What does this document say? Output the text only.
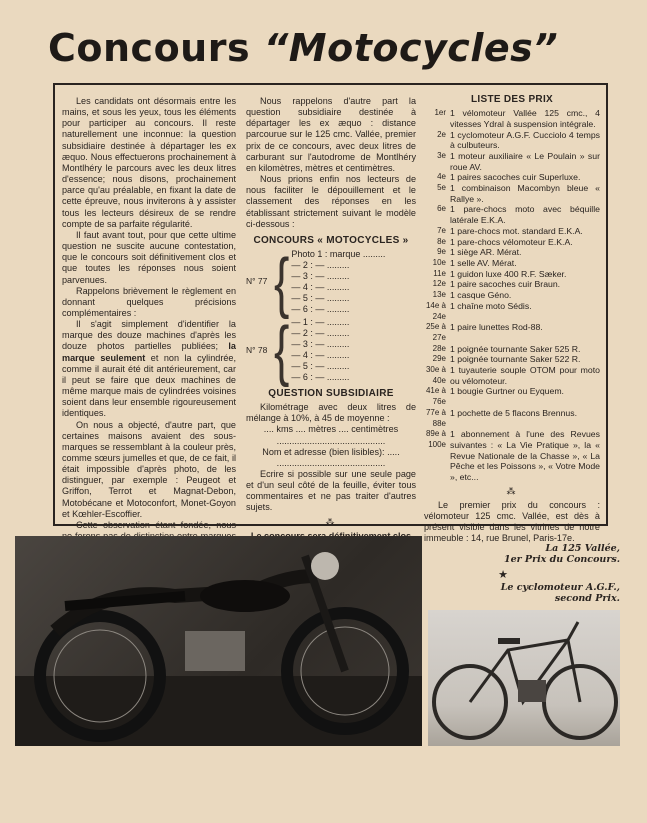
Concours “Motocycles”

Les candidats ont désormais entre les mains, et sous les yeux, tous les éléments pour participer au concours. Il reste naturellement une inconnue: la question subsidiaire destinée à départager les ex æquo. Nous effectuerons prochainement à Montlhéry le parcours avec les deux litres d'essence; nous disons, prochainement parce qu'au préalable, en fixant la date de cette épreuve, nous inviterons à y assister tous les lecteurs désireux de se rendre compte de sa parfaite régularité.

Il faut avant tout, pour que cette ultime question ne suscite aucune contestation, que le concours soit définitivement clos et que toutes les réponses nous soient parvenues.

Rappelons brièvement le règlement en donnant quelques précisions complémentaires :

Il s'agit simplement d'identifier la marque des douze machines d'après les douze photos partielles publiées; la marque seulement et non la cylindrée, comme il aurait été dit antérieurement, car il peut se faire que deux machines de même marque mais de cylindrées voisines soient dans leur ensemble rigoureusement identiques.

On nous a objecté, d'autre part, que certaines maisons avaient des sous-marques se ressemblant à la couleur près, comme sœurs jumelles et que, de ce fait, il était impossible d'après photo, de les distinguer, par exemple : Peugeot et Griffon, Terrot et Magnat-Debon, Motobécane et Motoconfort, Monet-Goyon et Kœhler-Escoffier.

Cette observation étant fondée, nous

Nous rappelons d'autre part la question subsidiaire destinée à départager les ex æquo : distance parcourue sur le 125 cmc. Vallée, premier prix de ce concours, avec deux litres de carburant sur l'autodrome de Montlhéry en kilomètres, mètres et centimètres.

Nous prions enfin nos lecteurs de nous faciliter le dépouillement et le classement des réponses en les établissant strictement suivant le modèle ci-dessous :

CONCOURS « MOTOCYCLES »
N° 77 { Photo 1 : marque .........
— 2 : — .........
— 3 : — .........
— 4 : — .........
— 5 : — .........
— 6 : — .........
N° 78 { — 1 : — .........
— 2 : — .........
— 3 : — .........
— 4 : — .........
— 5 : — .........
— 6 : — .........
QUESTION SUBSIDIAIRE

Kilométrage avec deux litres de mélange à 10%, à 45 de moyenne :

.... kms .... mètres .... centimètres
...........................................
Nom et adresse (bien lisibles): .....
...........................................

Ecrire si possible sur une seule page et d'un seul côté de la feuille, éviter tous commentaires et ne pas traiter d'autres sujets.

⁂
LISTE DES PRIX
1er 1 vélomoteur Vallée 125 cmc., 4 vitesses Ydral à suspension intégrale.
2e 1 cyclomoteur A.G.F. Cucciolo 4 temps à culbuteurs.
3e 1 moteur auxiliaire « Le Poulain » sur roue AV.
4e 1 paires sacoches cuir Superluxe.
5e 1 combinaison Macombyn bleue « Rallye ».
6e 1 pare-chocs moto avec béquille latérale E.K.A.
7e 1 pare-chocs mot. standard E.K.A.
8e 1 pare-chocs vélomoteur E.K.A.
9e 1 siège AR. Mérat.
10e 1 selle AV. Mérat.
11e 1 guidon luxe 400 R.F. Sæker.
12e 1 paire sacoches cuir Braun.
13e 1 casque Géno.
14e à 24e
1 chaîne moto Sédis.
25e à 27e
1 paire lunettes Rod-88.
28e 1 poignée tournante Saker 525 R.
29e 1 poignée tournante Saker 522 R.
30e à 40e
1 tuyauterie souple OTOM pour moto ou vélomoteur.
41e à 76e
1 bougie Gurtner ou Eyquem.
77e à 88e
1 pochette de 5 flacons Brennus.
89e à 100e
1 abonnement à l'une des Revues suivantes : « La Vie Pratique », la « Revue Nationale de la Chasse », « La Pêche et les Poissons », « Votre Mode », etc...
⁂

Le premier prix du concours : vélomoteur 125 cmc. Vallée, est dès à présent visible dans les vitrines de notre immeuble : 14, rue Brunel, Paris-17e.

La 125 Vallée,
1er Prix du Concours.
★
Le cyclomoteur A.G.F.,
second Prix.
